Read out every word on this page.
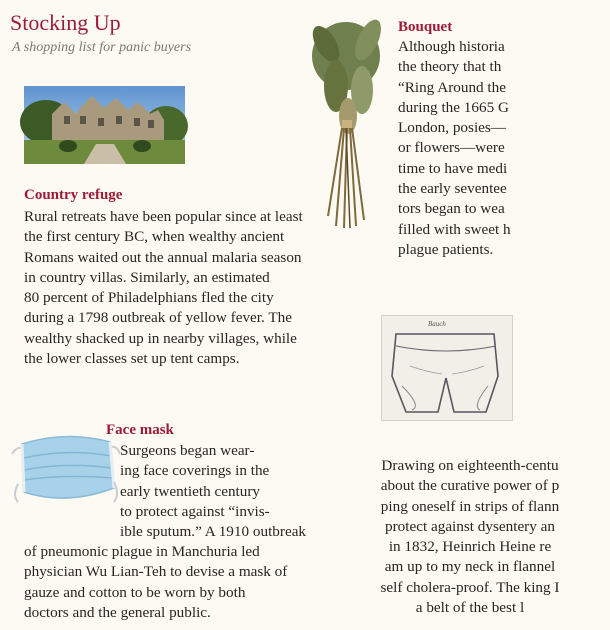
Stocking Up
A shopping list for panic buyers
Country refuge
Rural retreats have been popular since at least
the first century BC, when wealthy ancient
Romans waited out the annual malaria season
in country villas. Similarly, an estimated
80 percent of Philadelphians fled the city
during a 1798 outbreak of yellow fever. The
wealthy shacked up in nearby villages, while
the lower classes set up tent camps.
Bouquet
Although historia
the theory that th
“Ring Around the
during the 1665 G
London, posies—
or flowers—were
time to have medi
the early seventee
tors began to wea
filled with sweet h
plague patients.
Bauch
Face mask
Surgeons began wear-
ing face coverings in the
early twentieth century
to protect against “invis-
ible sputum.” A 1910 outbreak
of pneumonic plague in Manchuria led
physician Wu Lian-Teh to devise a mask of
gauze and cotton to be worn by both
doctors and the general public.
Drawing on eighteenth-centu
about the curative power of p
ping oneself in strips of flann
protect against dysentery an
in 1832, Heinrich Heine re
am up to my neck in flannel
self cholera-proof. The king I
a belt of the best l
